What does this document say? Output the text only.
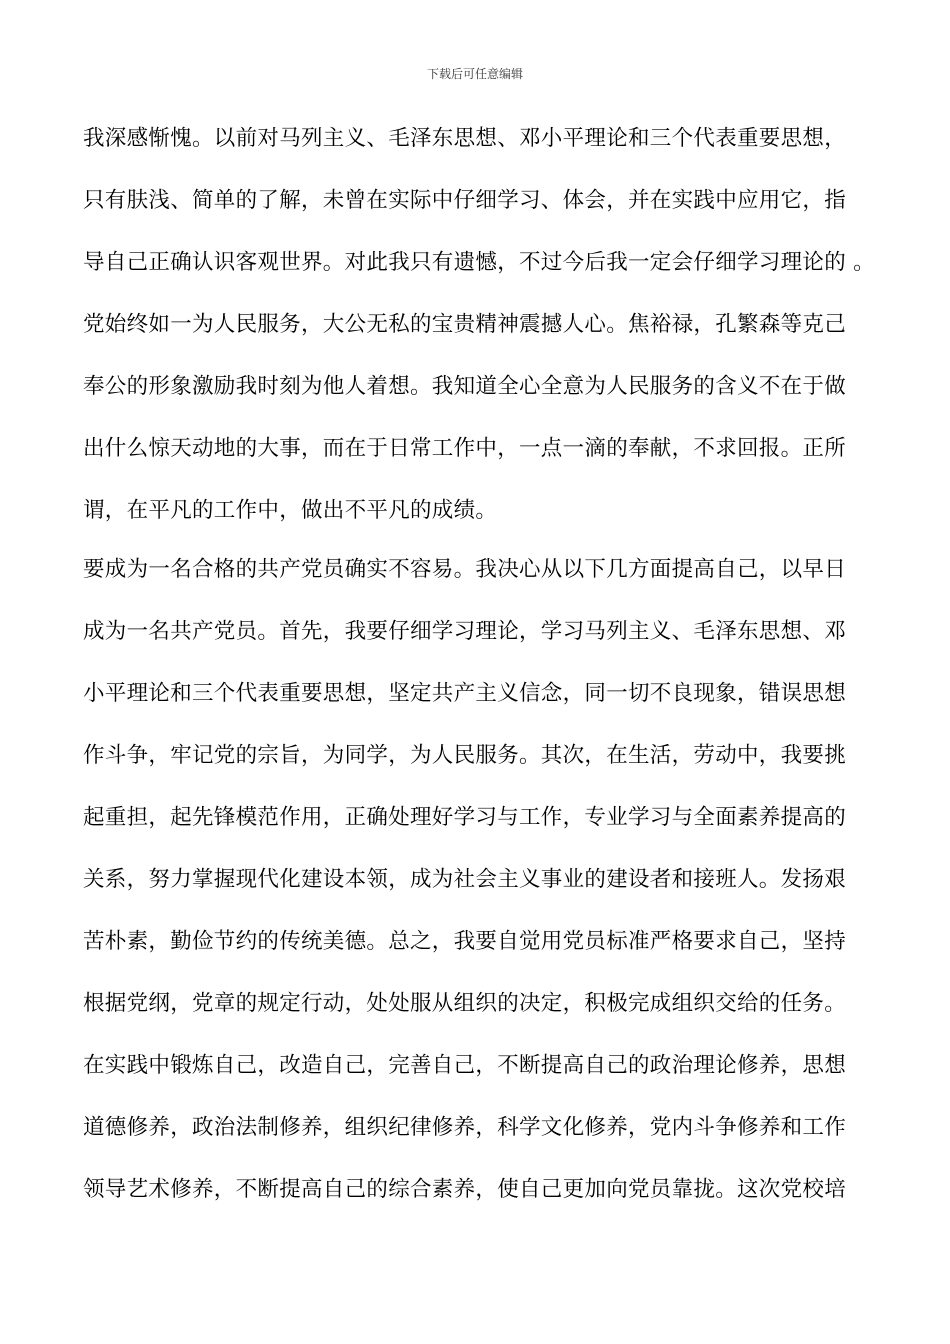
下载后可任意编辑
我深感惭愧。以前对马列主义、毛泽东思想、邓小平理论和三个代表重要思想，
只有肤浅、简单的了解，未曾在实际中仔细学习、体会，并在实践中应用它，指
导自己正确认识客观世界。对此我只有遗憾，不过今后我一定会仔细学习理论的 。
党始终如一为人民服务，大公无私的宝贵精神震撼人心。焦裕禄，孔繁森等克己
奉公的形象激励我时刻为他人着想。我知道全心全意为人民服务的含义不在于做
出什么惊天动地的大事，而在于日常工作中，一点一滴的奉献，不求回报。正所
谓，在平凡的工作中，做出不平凡的成绩。
要成为一名合格的共产党员确实不容易。我决心从以下几方面提高自己，以早日
成为一名共产党员。首先，我要仔细学习理论，学习马列主义、毛泽东思想、邓
小平理论和三个代表重要思想，坚定共产主义信念，同一切不良现象，错误思想
作斗争，牢记党的宗旨，为同学，为人民服务。其次，在生活，劳动中，我要挑
起重担，起先锋模范作用，正确处理好学习与工作，专业学习与全面素养提高的
关系，努力掌握现代化建设本领，成为社会主义事业的建设者和接班人。发扬艰
苦朴素，勤俭节约的传统美德。总之，我要自觉用党员标准严格要求自己，坚持
根据党纲，党章的规定行动，处处服从组织的决定，积极完成组织交给的任务。
在实践中锻炼自己，改造自己，完善自己，不断提高自己的政治理论修养，思想
道德修养，政治法制修养，组织纪律修养，科学文化修养，党内斗争修养和工作
领导艺术修养，不断提高自己的综合素养，使自己更加向党员靠拢。这次党校培
